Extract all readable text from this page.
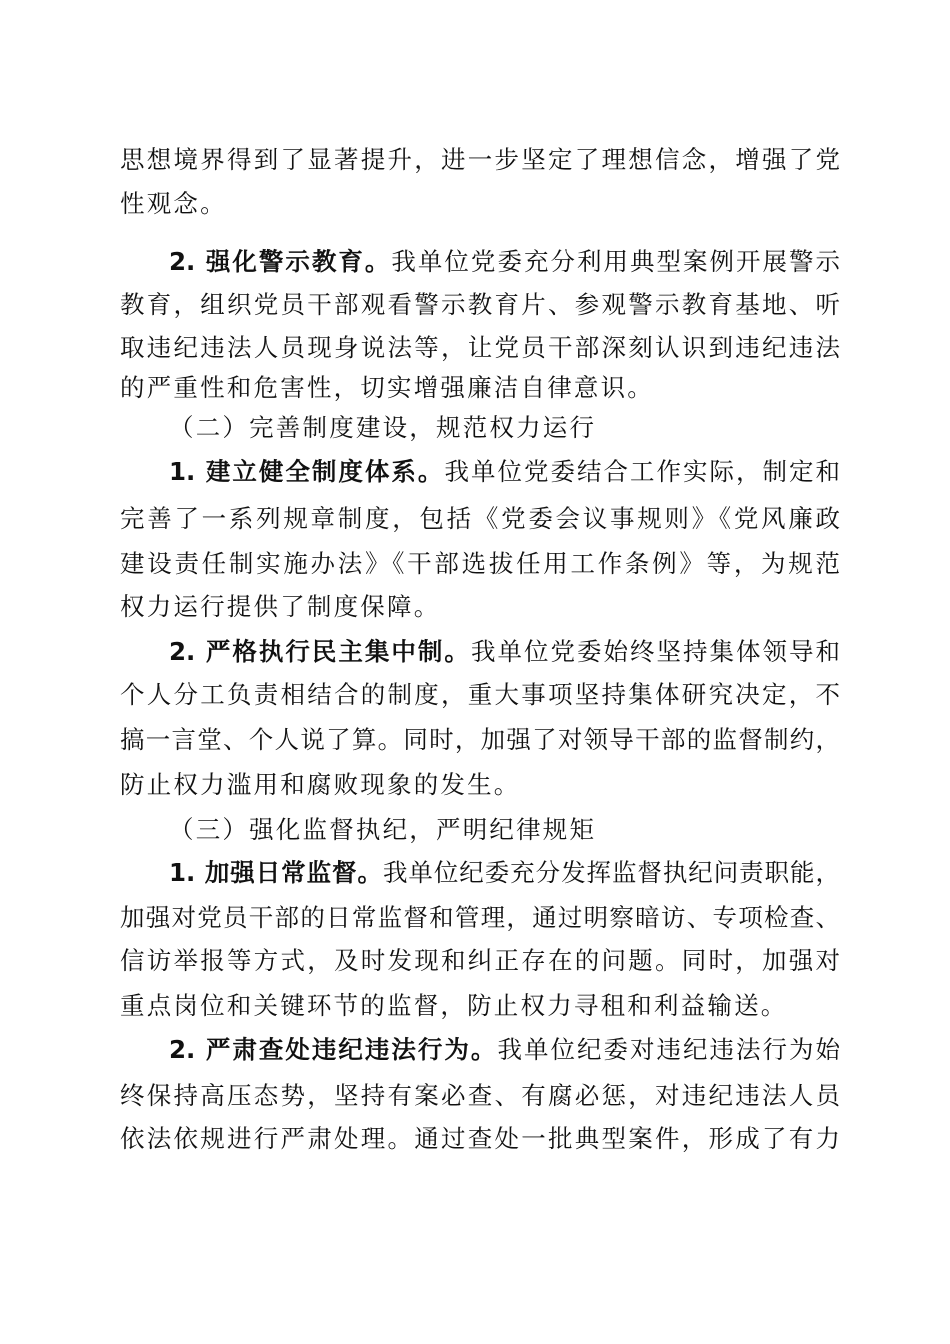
思想境界得到了显著提升，进一步坚定了理想信念，增强了党
性观念。
2. 强化警示教育。我单位党委充分利用典型案例开展警示
教育，组织党员干部观看警示教育片、参观警示教育基地、听
取违纪违法人员现身说法等，让党员干部深刻认识到违纪违法
的严重性和危害性，切实增强廉洁自律意识。
（二）完善制度建设，规范权力运行
1. 建立健全制度体系。我单位党委结合工作实际，制定和
完善了一系列规章制度，包括《党委会议事规则》《党风廉政
建设责任制实施办法》《干部选拔任用工作条例》等，为规范
权力运行提供了制度保障。
2. 严格执行民主集中制。我单位党委始终坚持集体领导和
个人分工负责相结合的制度，重大事项坚持集体研究决定，不
搞一言堂、个人说了算。同时，加强了对领导干部的监督制约，
防止权力滥用和腐败现象的发生。
（三）强化监督执纪，严明纪律规矩
1. 加强日常监督。我单位纪委充分发挥监督执纪问责职能，
加强对党员干部的日常监督和管理，通过明察暗访、专项检查、
信访举报等方式，及时发现和纠正存在的问题。同时，加强对
重点岗位和关键环节的监督，防止权力寻租和利益输送。
2. 严肃查处违纪违法行为。我单位纪委对违纪违法行为始
终保持高压态势，坚持有案必查、有腐必惩，对违纪违法人员
依法依规进行严肃处理。通过查处一批典型案件，形成了有力
